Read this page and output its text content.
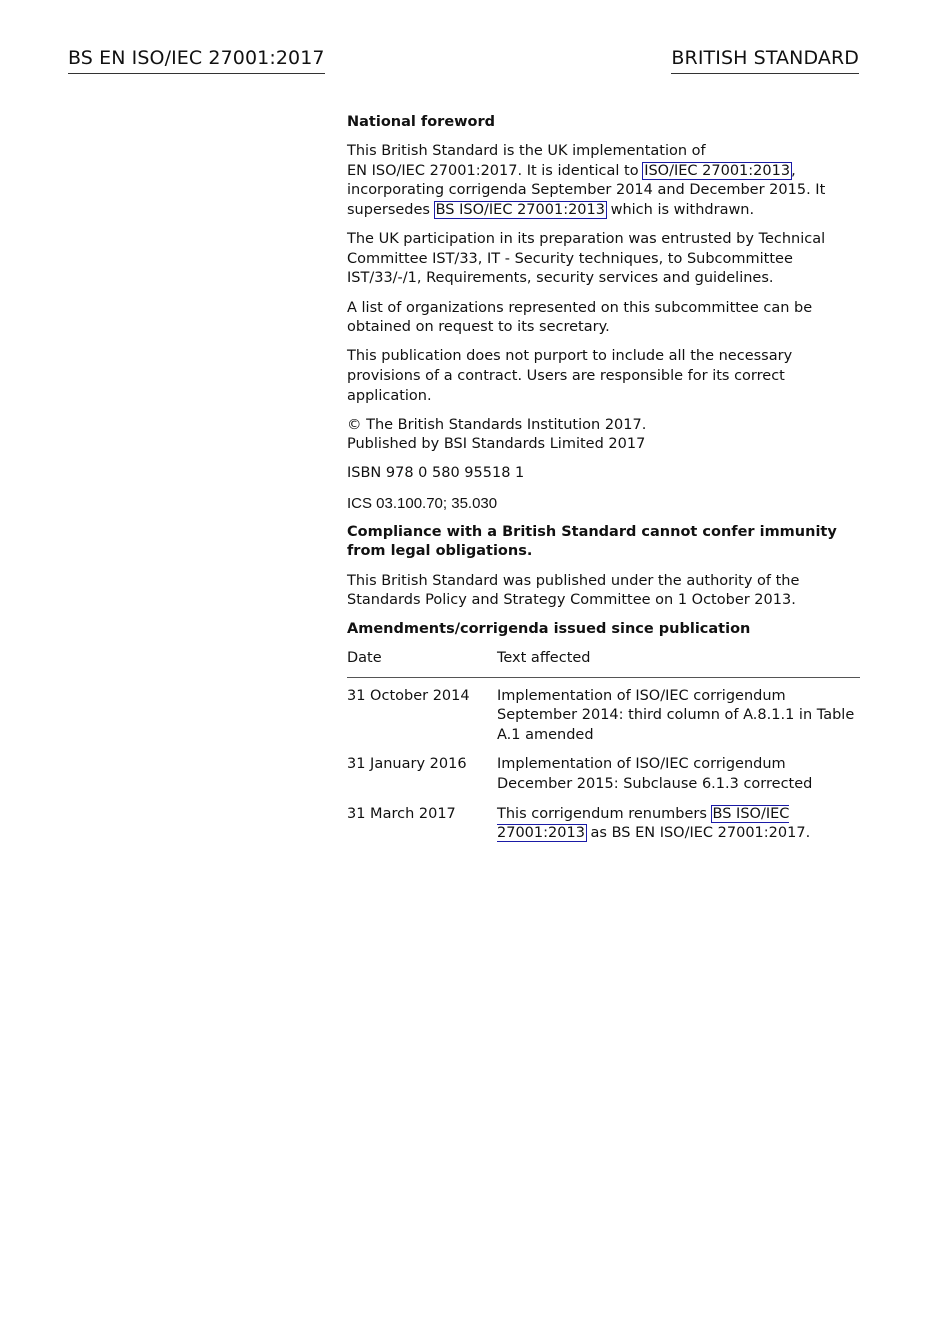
BS EN ISO/IEC 27001:2017	BRITISH STANDARD

National foreword

This British Standard is the UK implementation of
EN ISO/IEC 27001:2017. It is identical to ISO/IEC 27001:2013, incorporating corrigenda September 2014 and December 2015. It supersedes BS ISO/IEC 27001:2013 which is withdrawn.

The UK participation in its preparation was entrusted by Technical Committee IST/33, IT - Security techniques, to Subcommittee IST/33/-/1, Requirements, security services and guidelines.

A list of organizations represented on this subcommittee can be obtained on request to its secretary.

This publication does not purport to include all the necessary provisions of a contract. Users are responsible for its correct application.

© The British Standards Institution 2017.
Published by BSI Standards Limited 2017

ISBN 978 0 580 95518 1

ICS 03.100.70; 35.030

Compliance with a British Standard cannot confer immunity from legal obligations.

This British Standard was published under the authority of the Standards Policy and Strategy Committee on 1 October 2013.

Amendments/corrigenda issued since publication

Date	Text affected
31 October 2014	Implementation of ISO/IEC corrigendum September 2014: third column of A.8.1.1 in Table A.1 amended
31 January 2016	Implementation of ISO/IEC corrigendum December 2015: Subclause 6.1.3 corrected
31 March 2017	This corrigendum renumbers BS ISO/IEC 27001:2013 as BS EN ISO/IEC 27001:2017.
